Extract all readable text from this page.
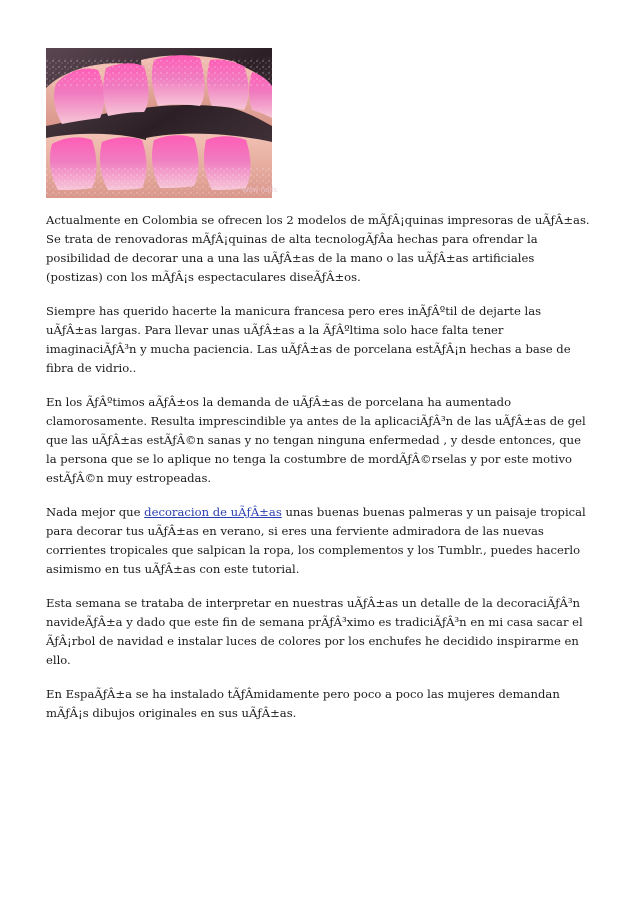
Wow nails

Actualmente en Colombia se ofrecen los 2 modelos de mÃƒÂ¡quinas impresoras de uÃƒÂ±as. Se trata de renovadoras mÃƒÂ¡quinas de alta tecnologÃƒÂa hechas para ofrendar la posibilidad de decorar una a una las uÃƒÂ±as de la mano o las uÃƒÂ±as artificiales (postizas) con los mÃƒÂ¡s espectaculares diseÃƒÂ±os.

Siempre has querido hacerte la manicura francesa pero eres inÃƒÂºtil de dejarte las uÃƒÂ±as largas. Para llevar unas uÃƒÂ±as a la ÃƒÂºltima solo hace falta tener imaginaciÃƒÂ³n y mucha paciencia. Las uÃƒÂ±as de porcelana estÃƒÂ¡n hechas a base de fibra de vidrio..

En los ÃƒÂºtimos aÃƒÂ±os la demanda de uÃƒÂ±as de porcelana ha aumentado clamorosamente. Resulta imprescindible ya antes de la aplicaciÃƒÂ³n de las uÃƒÂ±as de gel que las uÃƒÂ±as estÃƒÂ©n sanas y no tengan ninguna enfermedad , y desde entonces, que la persona que se lo aplique no tenga la costumbre de mordÃƒÂ©rselas y por este motivo estÃƒÂ©n muy estropeadas.

Nada mejor que decoracion de uÃƒÂ±as unas buenas buenas palmeras y un paisaje tropical para decorar tus uÃƒÂ±as en verano, si eres una ferviente admiradora de las nuevas corrientes tropicales que salpican la ropa, los complementos y los Tumblr., puedes hacerlo asimismo en tus uÃƒÂ±as con este tutorial.

Esta semana se trataba de interpretar en nuestras uÃƒÂ±as un detalle de la decoraciÃƒÂ³n navideÃƒÂ±a y dado que este fin de semana prÃƒÂ³ximo es tradiciÃƒÂ³n en mi casa sacar el ÃƒÂ¡rbol de navidad e instalar luces de colores por los enchufes he decidido inspirarme en ello.

En EspaÃƒÂ±a se ha instalado tÃƒÂmidamente pero poco a poco las mujeres demandan mÃƒÂ¡s dibujos originales en sus uÃƒÂ±as.
